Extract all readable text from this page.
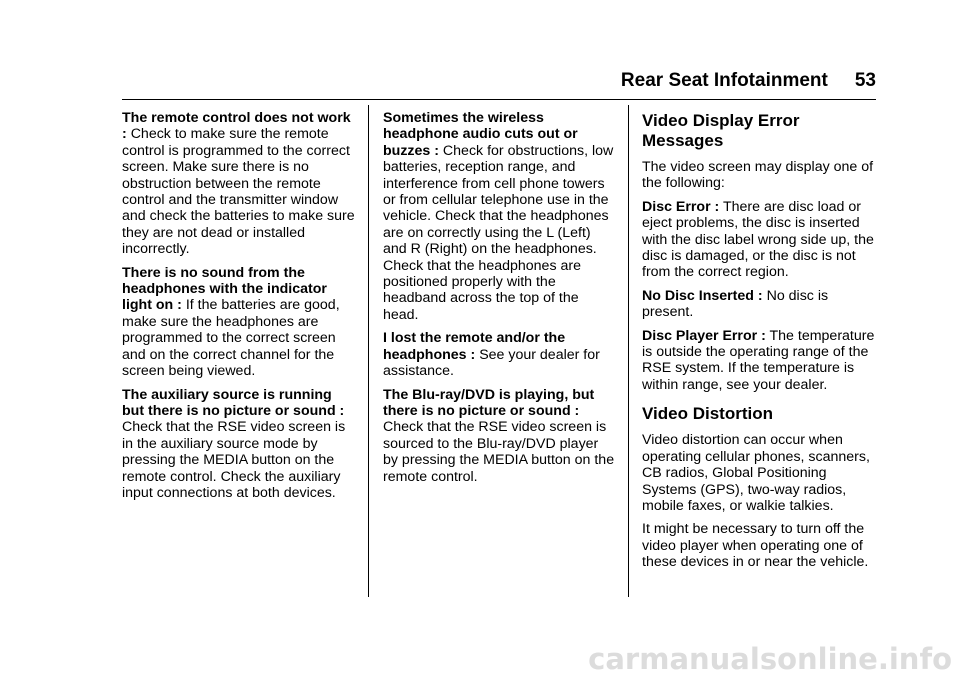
Rear Seat Infotainment 53
The remote control does not work : Check to make sure the remote control is programmed to the correct screen. Make sure there is no obstruction between the remote control and the transmitter window and check the batteries to make sure they are not dead or installed incorrectly.
There is no sound from the headphones with the indicator light on : If the batteries are good, make sure the headphones are programmed to the correct screen and on the correct channel for the screen being viewed.
The auxiliary source is running but there is no picture or sound : Check that the RSE video screen is in the auxiliary source mode by pressing the MEDIA button on the remote control. Check the auxiliary input connections at both devices.
Sometimes the wireless headphone audio cuts out or buzzes : Check for obstructions, low batteries, reception range, and interference from cell phone towers or from cellular telephone use in the vehicle. Check that the headphones are on correctly using the L (Left) and R (Right) on the headphones. Check that the headphones are positioned properly with the headband across the top of the head.
I lost the remote and/or the headphones : See your dealer for assistance.
The Blu-ray/DVD is playing, but there is no picture or sound : Check that the RSE video screen is sourced to the Blu-ray/DVD player by pressing the MEDIA button on the remote control.
Video Display Error Messages

The video screen may display one of the following:

Disc Error : There are disc load or eject problems, the disc is inserted with the disc label wrong side up, the disc is damaged, or the disc is not from the correct region.
No Disc Inserted : No disc is present.
Disc Player Error : The temperature is outside the operating range of the RSE system. If the temperature is within range, see your dealer.
Video Distortion

Video distortion can occur when operating cellular phones, scanners, CB radios, Global Positioning Systems (GPS), two-way radios, mobile faxes, or walkie talkies.

It might be necessary to turn off the video player when operating one of these devices in or near the vehicle.

carmanualsonline.info
